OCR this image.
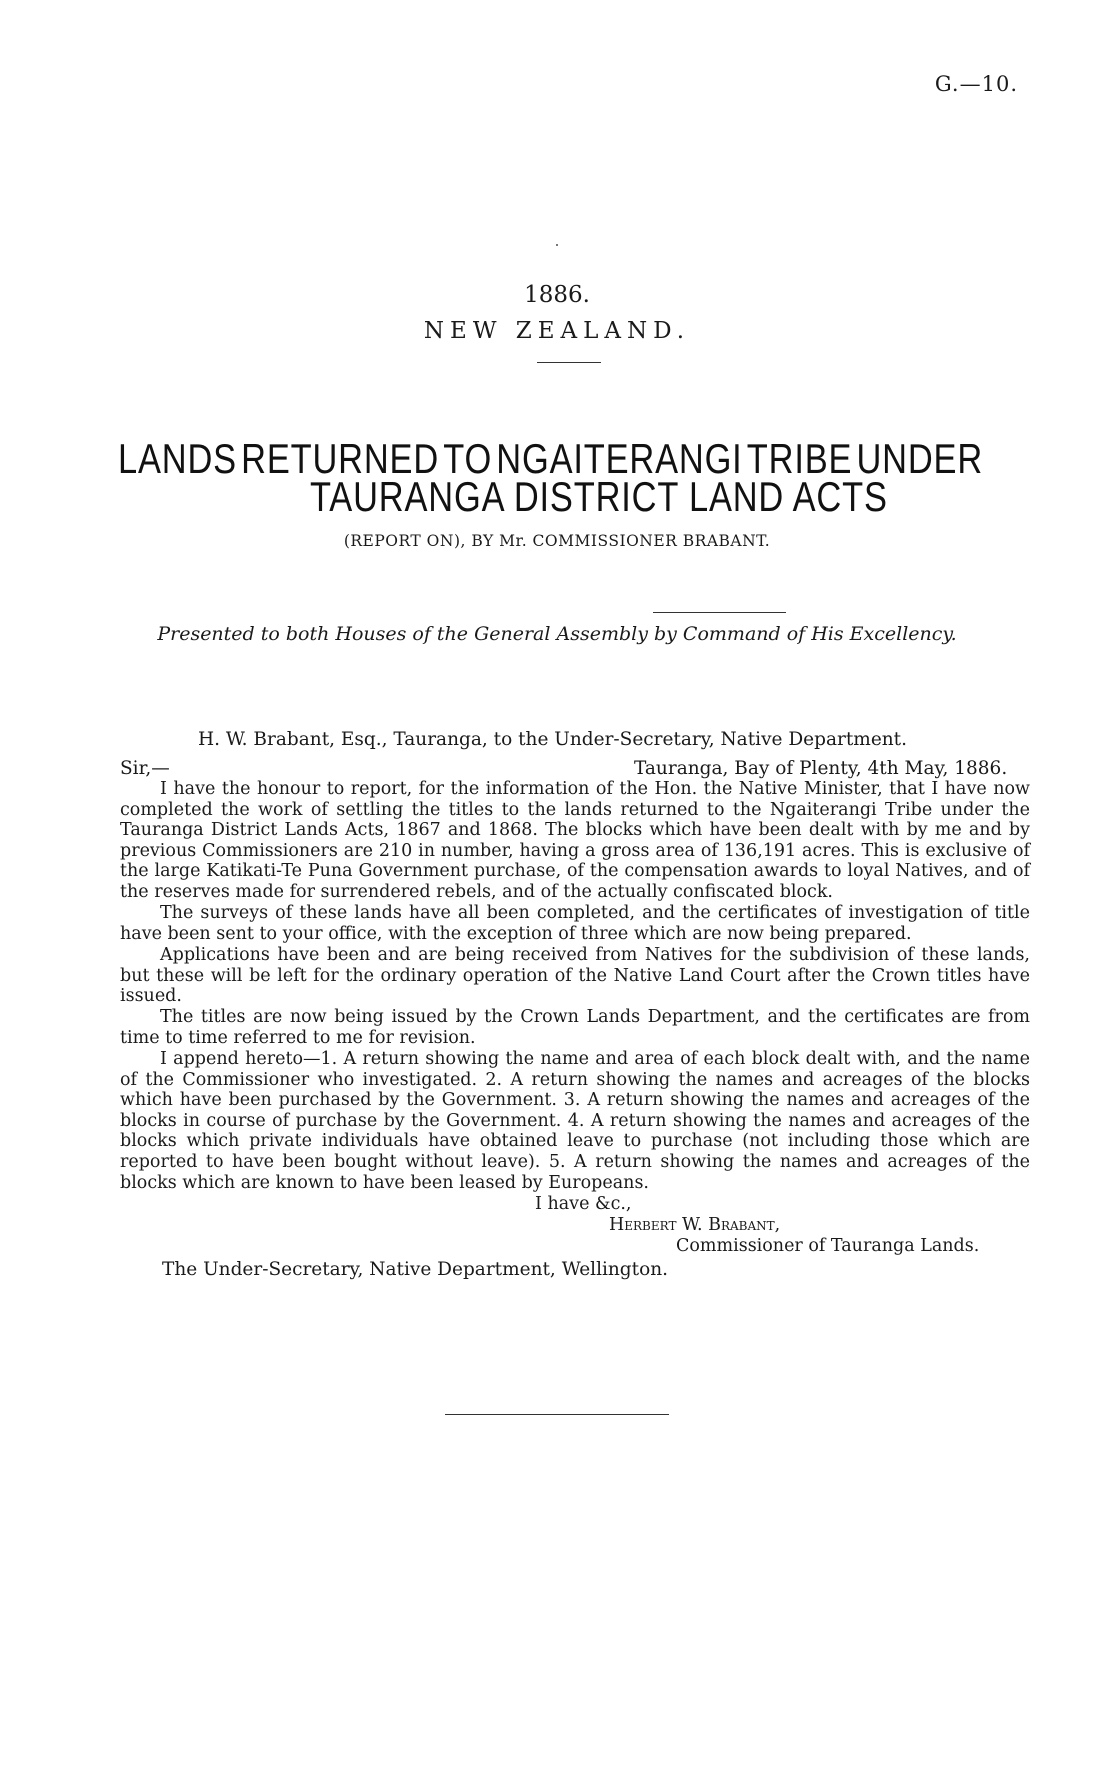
G.—10.
1886.
NEW ZEALAND.
LANDS RETURNED TO NGAITERANGI TRIBE UNDER
TAURANGA DISTRICT LAND ACTS
(REPORT ON), BY Mr. COMMISSIONER BRABANT.
Presented to both Houses of the General Assembly by Command of His Excellency.
H. W. Brabant, Esq., Tauranga, to the Under-Secretary, Native Department.
Sir,—	Tauranga, Bay of Plenty, 4th May, 1886.

I have the honour to report, for the information of the Hon. the Native Minister, that I have now completed the work of settling the titles to the lands returned to the Ngaiterangi Tribe under the Tauranga District Lands Acts, 1867 and 1868. The blocks which have been dealt with by me and by previous Commissioners are 210 in number, having a gross area of 136,191 acres. This is exclusive of the large Katikati-Te Puna Government purchase, of the compensation awards to loyal Natives, and of the reserves made for surrendered rebels, and of the actually confiscated block.

The surveys of these lands have all been completed, and the certificates of investigation of title have been sent to your office, with the exception of three which are now being prepared.

Applications have been and are being received from Natives for the subdivision of these lands, but these will be left for the ordinary operation of the Native Land Court after the Crown titles have issued.

The titles are now being issued by the Crown Lands Department, and the certificates are from time to time referred to me for revision.

I append hereto—1. A return showing the name and area of each block dealt with, and the name of the Commissioner who investigated. 2. A return showing the names and acreages of the blocks which have been purchased by the Government. 3. A return showing the names and acreages of the blocks in course of purchase by the Government. 4. A return showing the names and acreages of the blocks which private individuals have obtained leave to purchase (not including those which are reported to have been bought without leave). 5. A return showing the names and acreages of the blocks which are known to have been leased by Europeans.

I have &c.,
Herbert W. Brabant,
Commissioner of Tauranga Lands.
The Under-Secretary, Native Department, Wellington.
